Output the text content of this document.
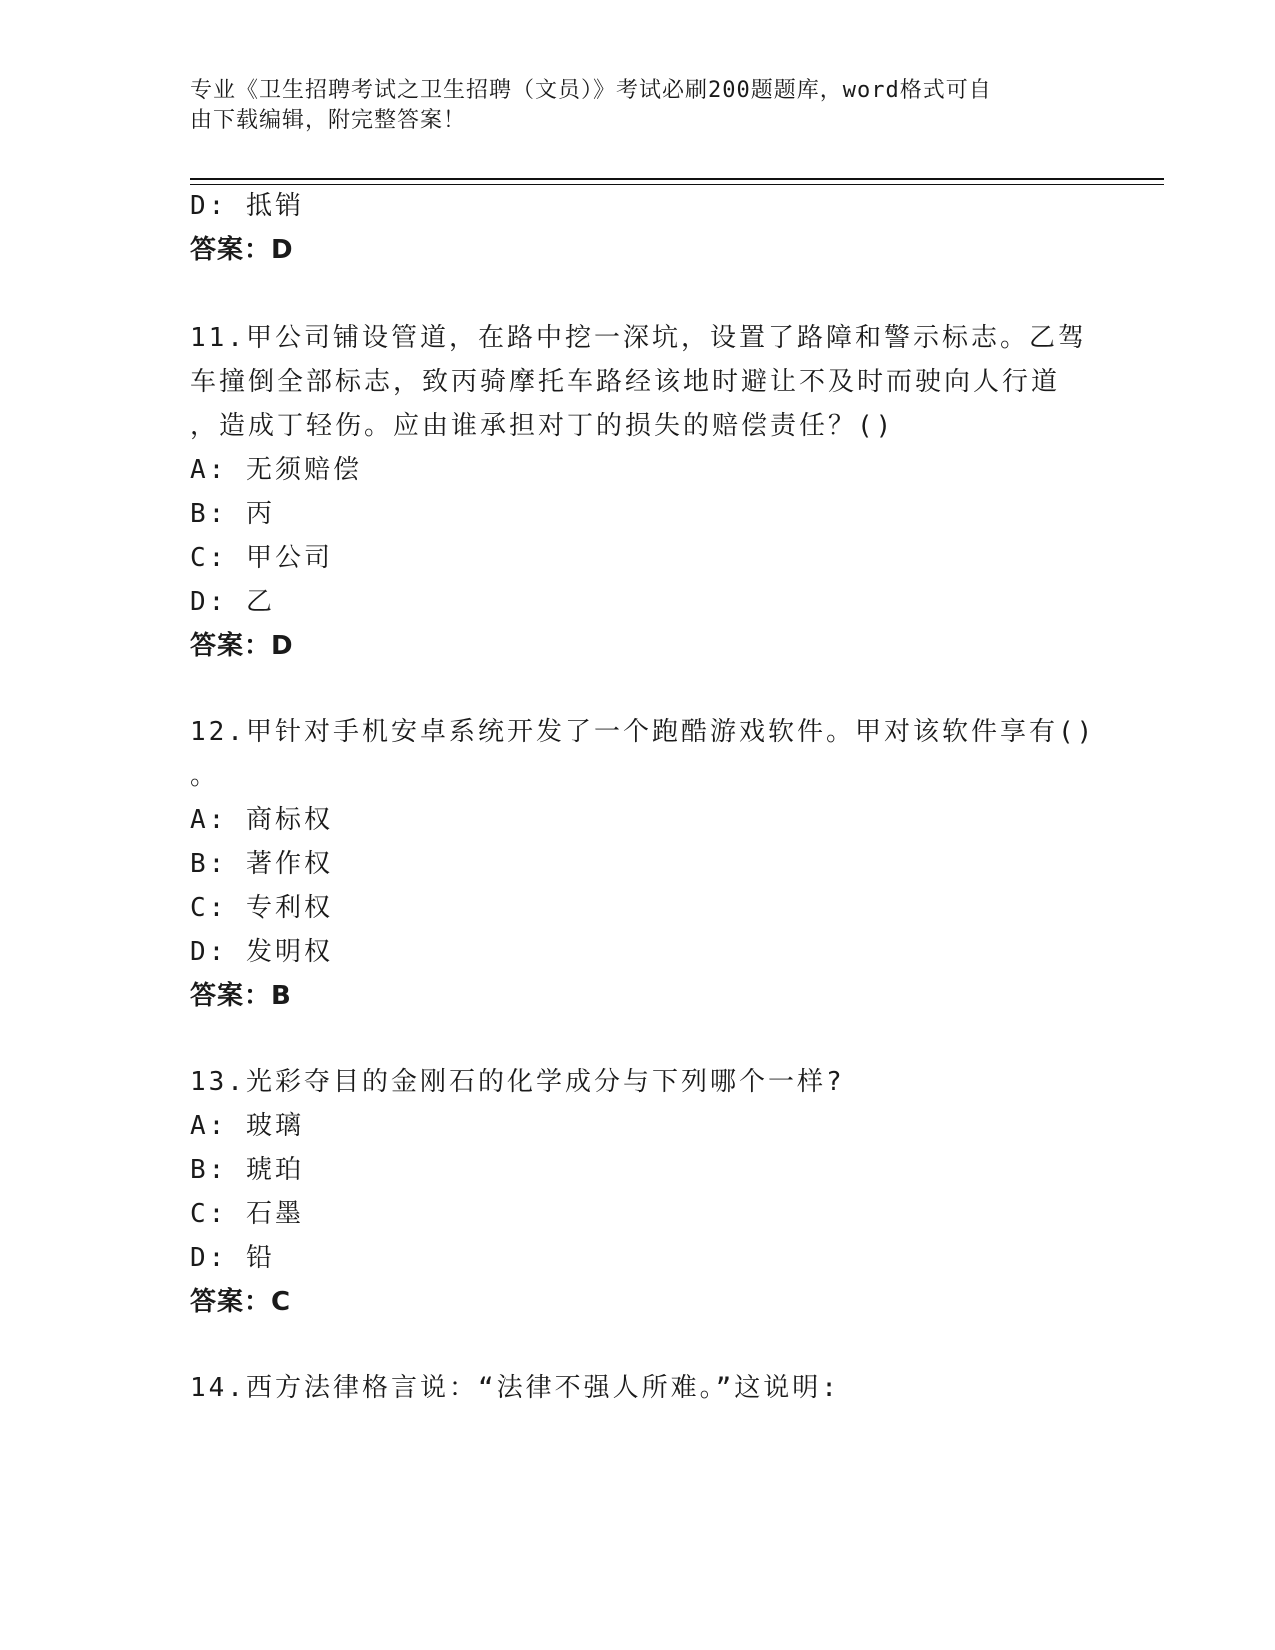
专业《卫生招聘考试之卫生招聘（文员）》考试必刷200题题库，word格式可自
由下载编辑，附完整答案！
D: 抵销
答案：D
11.甲公司铺设管道，在路中挖一深坑，设置了路障和警示标志。乙驾
车撞倒全部标志，致丙骑摩托车路经该地时避让不及时而驶向人行道
，造成丁轻伤。应由谁承担对丁的损失的赔偿责任？()
A: 无须赔偿
B: 丙
C: 甲公司
D: 乙
答案：D
12.甲针对手机安卓系统开发了一个跑酷游戏软件。甲对该软件享有()
。
A: 商标权
B: 著作权
C: 专利权
D: 发明权
答案：B
13.光彩夺目的金刚石的化学成分与下列哪个一样?
A: 玻璃
B: 琥珀
C: 石墨
D: 铅
答案：C
14.西方法律格言说：“法律不强人所难。”这说明:
